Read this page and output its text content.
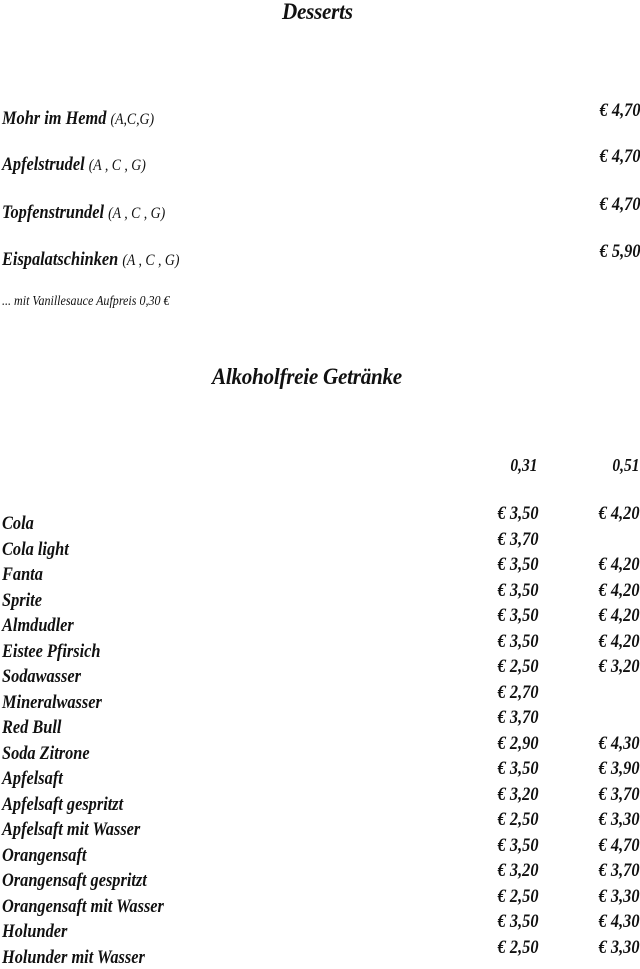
Desserts
Mohr im Hemd (A,C,G)	€ 4,70
Apfelstrudel (A , C , G)	€ 4,70
Topfenstrundel (A , C , G)	€ 4,70
Eispalatschinken (A , C , G)	€ 5,90
... mit Vanillesauce Aufpreis 0,30 €
Alkoholfreie Getränke
0,31	0,51
Cola	€ 3,50	€ 4,20
Cola light	€ 3,70
Fanta	€ 3,50	€ 4,20
Sprite	€ 3,50	€ 4,20
Almdudler	€ 3,50	€ 4,20
Eistee Pfirsich	€ 3,50	€ 4,20
Sodawasser	€ 2,50	€ 3,20
Mineralwasser	€ 2,70
Red Bull	€ 3,70
Soda Zitrone	€ 2,90	€ 4,30
Apfelsaft	€ 3,50	€ 3,90
Apfelsaft gespritzt	€ 3,20	€ 3,70
Apfelsaft mit Wasser	€ 2,50	€ 3,30
Orangensaft	€ 3,50	€ 4,70
Orangensaft gespritzt	€ 3,20	€ 3,70
Orangensaft mit Wasser	€ 2,50	€ 3,30
Holunder	€ 3,50	€ 4,30
Holunder mit Wasser	€ 2,50	€ 3,30
